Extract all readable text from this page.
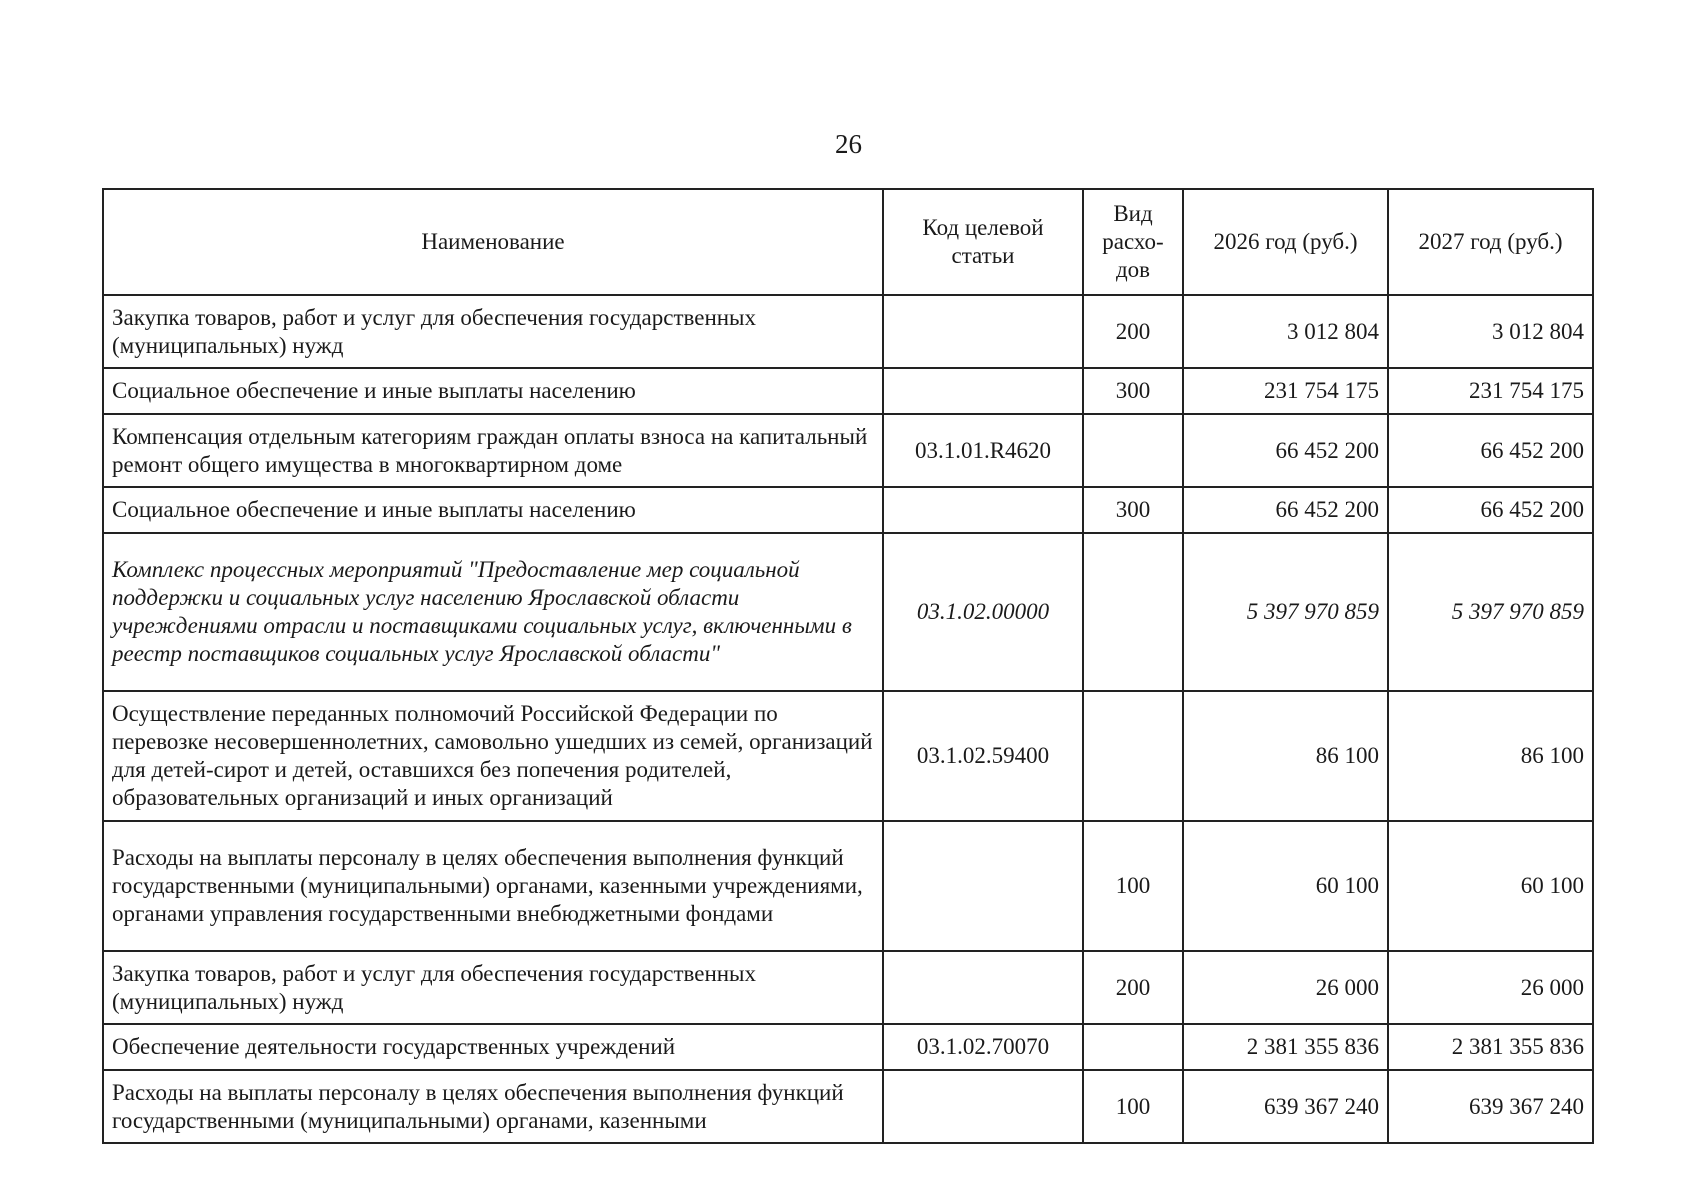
26
Наименование	Код целевой статьи	Вид расхо-дов	2026 год (руб.)	2027 год (руб.)
Закупка товаров, работ и услуг для обеспечения государственных (муниципальных) нужд		200	3 012 804	3 012 804
Социальное обеспечение и иные выплаты населению		300	231 754 175	231 754 175
Компенсация отдельным категориям граждан оплаты взноса на капитальный ремонт общего имущества в многоквартирном доме	03.1.01.R4620		66 452 200	66 452 200
Социальное обеспечение и иные выплаты населению		300	66 452 200	66 452 200
Комплекс процессных мероприятий "Предоставление мер социальной поддержки и социальных услуг населению Ярославской области учреждениями отрасли и поставщиками социальных услуг, включенными в реестр поставщиков социальных услуг Ярославской области"	03.1.02.00000		5 397 970 859	5 397 970 859
Осуществление переданных полномочий Российской Федерации по перевозке несовершеннолетних, самовольно ушедших из семей, организаций для детей-сирот и детей, оставшихся без попечения родителей, образовательных организаций и иных организаций	03.1.02.59400		86 100	86 100
Расходы на выплаты персоналу в целях обеспечения выполнения функций государственными (муниципальными) органами, казенными учреждениями, органами управления государственными внебюджетными фондами		100	60 100	60 100
Закупка товаров, работ и услуг для обеспечения государственных (муниципальных) нужд		200	26 000	26 000
Обеспечение деятельности государственных учреждений	03.1.02.70070		2 381 355 836	2 381 355 836
Расходы на выплаты персоналу в целях обеспечения выполнения функций государственными (муниципальными) органами, казенными		100	639 367 240	639 367 240
